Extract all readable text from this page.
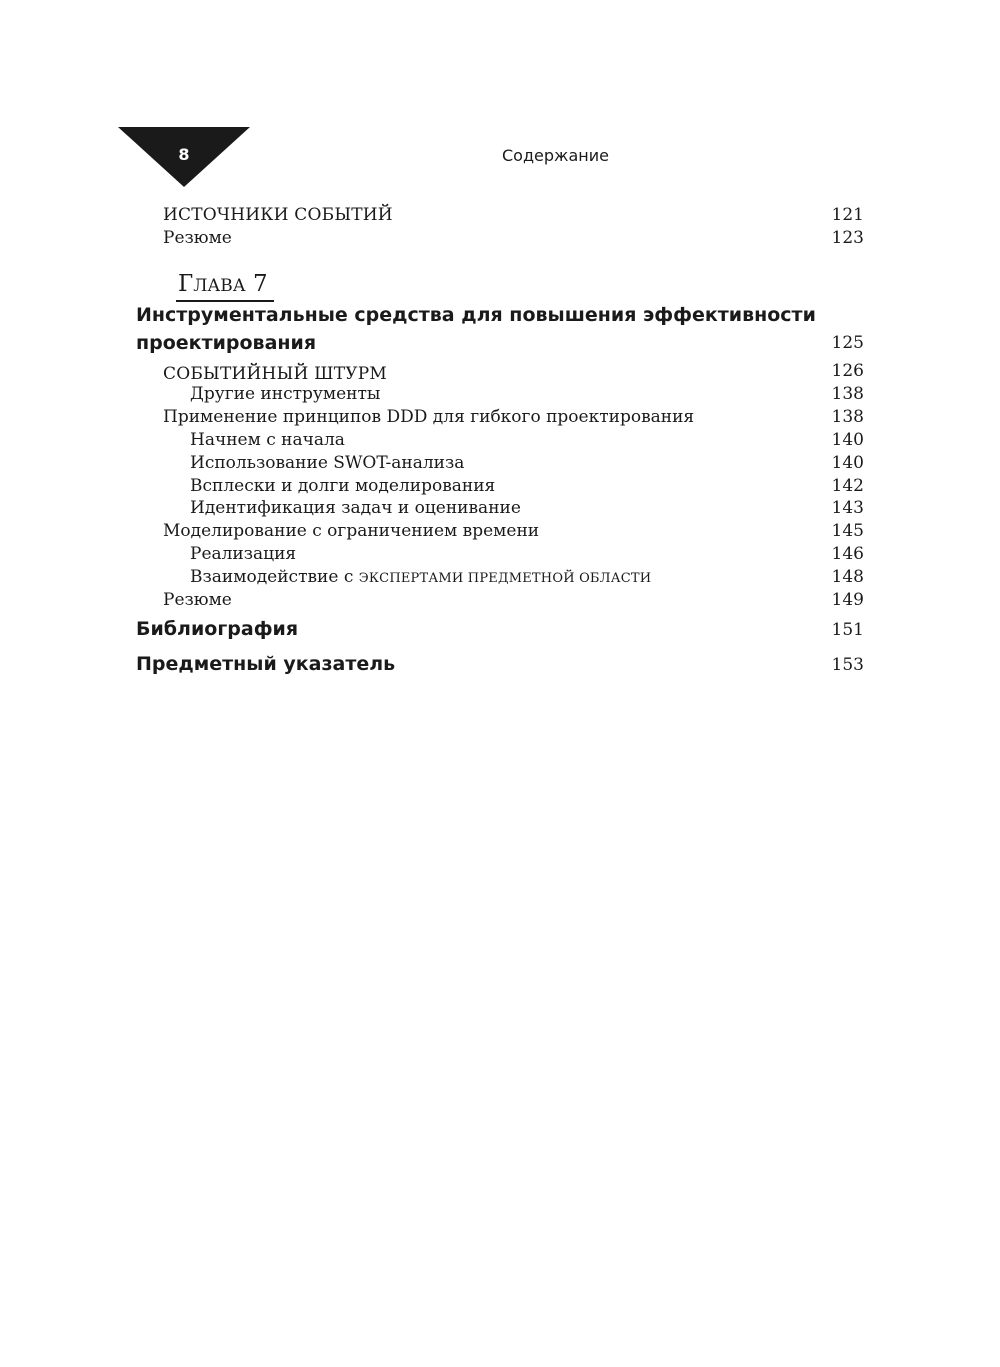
8	Содержание
ИСТОЧНИКИ СОБЫТИЙ	121
Резюме	123
ГЛАВА 7
Инструментальные средства для повышения эффективности
проектирования	125
СОБЫТИЙНЫЙ ШТУРМ	126
Другие инструменты	138
Применение принципов DDD для гибкого проектирования	138
Начнем с начала	140
Использование SWOT-анализа	140
Всплески и долги моделирования	142
Идентификация задач и оценивание	143
Моделирование с ограничением времени	145
Реализация	146
Взаимодействие с ЭКСПЕРТАМИ ПРЕДМЕТНОЙ ОБЛАСТИ	148
Резюме	149
Библиография	151
Предметный указатель	153
